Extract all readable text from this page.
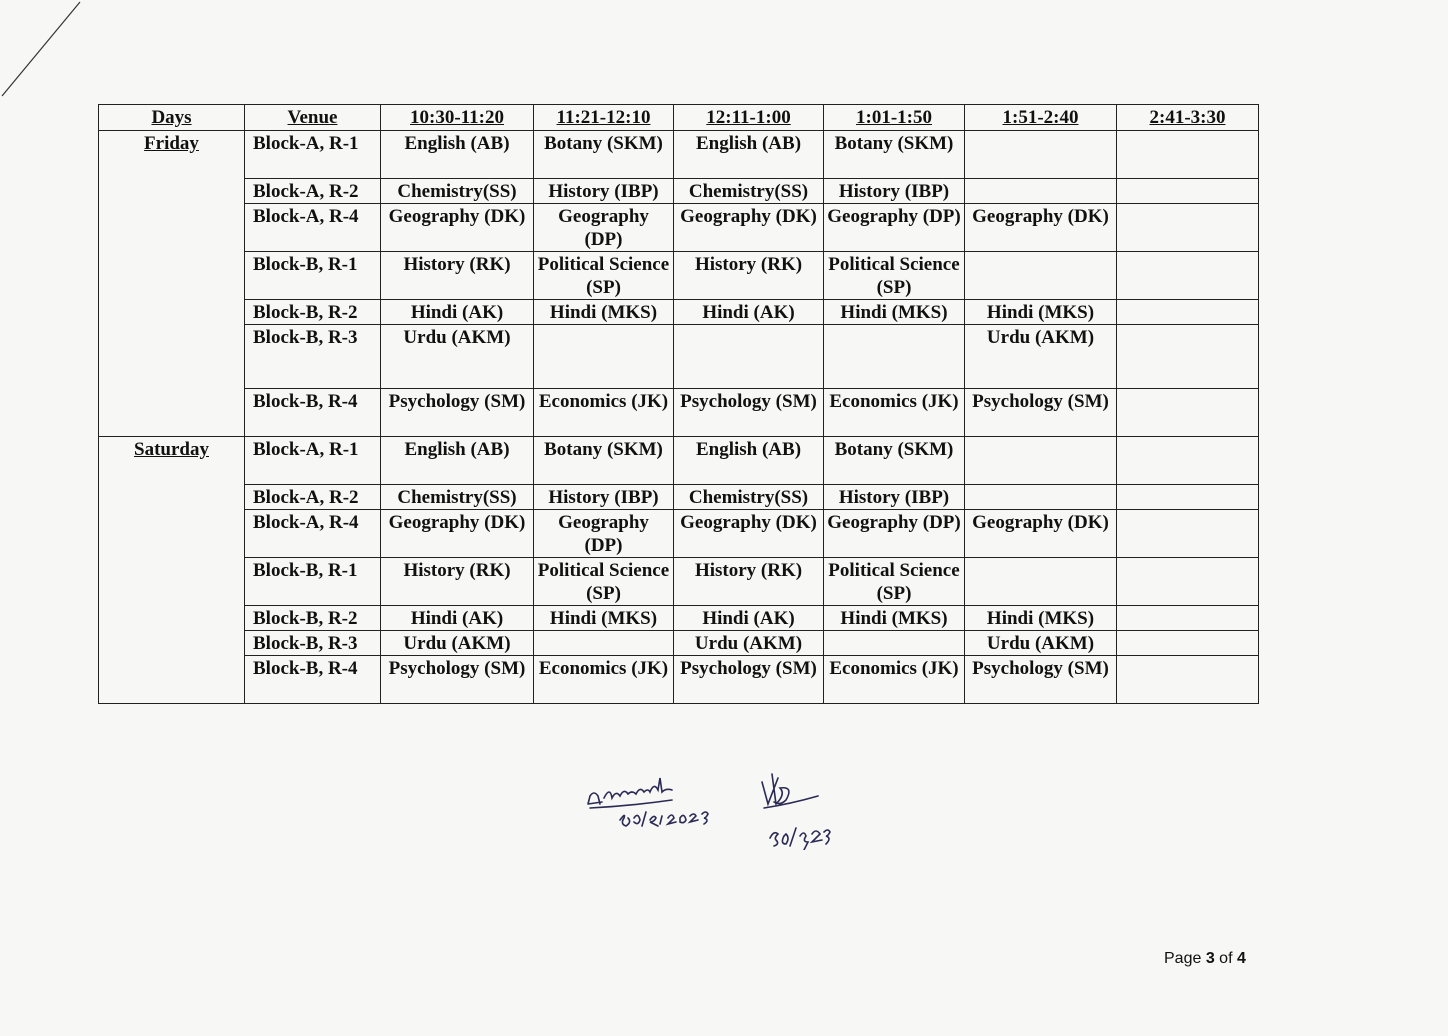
Days	Venue	10:30-11:20	11:21-12:10	12:11-1:00	1:01-1:50	1:51-2:40	2:41-3:30
Friday	Block-A, R-1	English (AB)	Botany (SKM)	English (AB)	Botany (SKM)		
	Block-A, R-2	Chemistry(SS)	History (IBP)	Chemistry(SS)	History (IBP)		
	Block-A, R-4	Geography (DK)	Geography (DP)	Geography (DK)	Geography (DP)	Geography (DK)	
	Block-B, R-1	History (RK)	Political Science (SP)	History (RK)	Political Science (SP)		
	Block-B, R-2	Hindi (AK)	Hindi (MKS)	Hindi (AK)	Hindi (MKS)	Hindi (MKS)	
	Block-B, R-3	Urdu (AKM)				Urdu (AKM)	
	Block-B, R-4	Psychology (SM)	Economics (JK)	Psychology (SM)	Economics (JK)	Psychology (SM)	
Saturday	Block-A, R-1	English (AB)	Botany (SKM)	English (AB)	Botany (SKM)		
	Block-A, R-2	Chemistry(SS)	History (IBP)	Chemistry(SS)	History (IBP)		
	Block-A, R-4	Geography (DK)	Geography (DP)	Geography (DK)	Geography (DP)	Geography (DK)	
	Block-B, R-1	History (RK)	Political Science (SP)	History (RK)	Political Science (SP)		
	Block-B, R-2	Hindi (AK)	Hindi (MKS)	Hindi (AK)	Hindi (MKS)	Hindi (MKS)	
	Block-B, R-3	Urdu (AKM)		Urdu (AKM)		Urdu (AKM)	
	Block-B, R-4	Psychology (SM)	Economics (JK)	Psychology (SM)	Economics (JK)	Psychology (SM)	
Page 3 of 4
